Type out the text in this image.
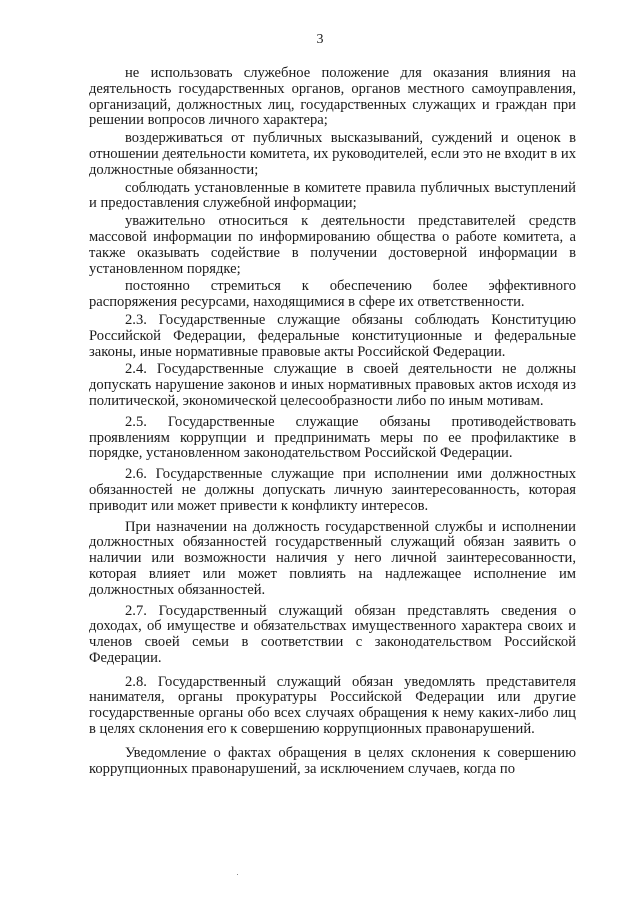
3

не использовать служебное положение для оказания влияния на деятельность государственных органов, органов местного самоуправления, организаций, должностных лиц, государственных служащих и граждан при решении вопросов личного характера;

воздерживаться от публичных высказываний, суждений и оценок в отношении деятельности комитета, их руководителей, если это не входит в их должностные обязанности;

соблюдать установленные в комитете правила публичных выступлений и предоставления служебной информации;

уважительно относиться к деятельности представителей средств массовой информации по информированию общества о работе комитета, а также оказывать содействие в получении достоверной информации в установленном порядке;

постоянно стремиться к обеспечению более эффективного распоряжения ресурсами, находящимися в сфере их ответственности.

2.3. Государственные служащие обязаны соблюдать Конституцию Российской Федерации, федеральные конституционные и федеральные законы, иные нормативные правовые акты Российской Федерации.

2.4. Государственные служащие в своей деятельности не должны допускать нарушение законов и иных нормативных правовых актов исходя из политической, экономической целесообразности либо по иным мотивам.

2.5. Государственные служащие обязаны противодействовать проявлениям коррупции и предпринимать меры по ее профилактике в порядке, установленном законодательством Российской Федерации.

2.6. Государственные служащие при исполнении ими должностных обязанностей не должны допускать личную заинтересованность, которая приводит или может привести к конфликту интересов.

При назначении на должность государственной службы и исполнении должностных обязанностей государственный служащий обязан заявить о наличии или возможности наличия у него личной заинтересованности, которая влияет или может повлиять на надлежащее исполнение им должностных обязанностей.

2.7. Государственный служащий обязан представлять сведения о доходах, об имуществе и обязательствах имущественного характера своих и членов своей семьи в соответствии с законодательством Российской Федерации.

2.8. Государственный служащий обязан уведомлять представителя нанимателя, органы прокуратуры Российской Федерации или другие государственные органы обо всех случаях обращения к нему каких-либо лиц в целях склонения его к совершению коррупционных правонарушений.

Уведомление о фактах обращения в целях склонения к совершению коррупционных правонарушений, за исключением случаев, когда по
